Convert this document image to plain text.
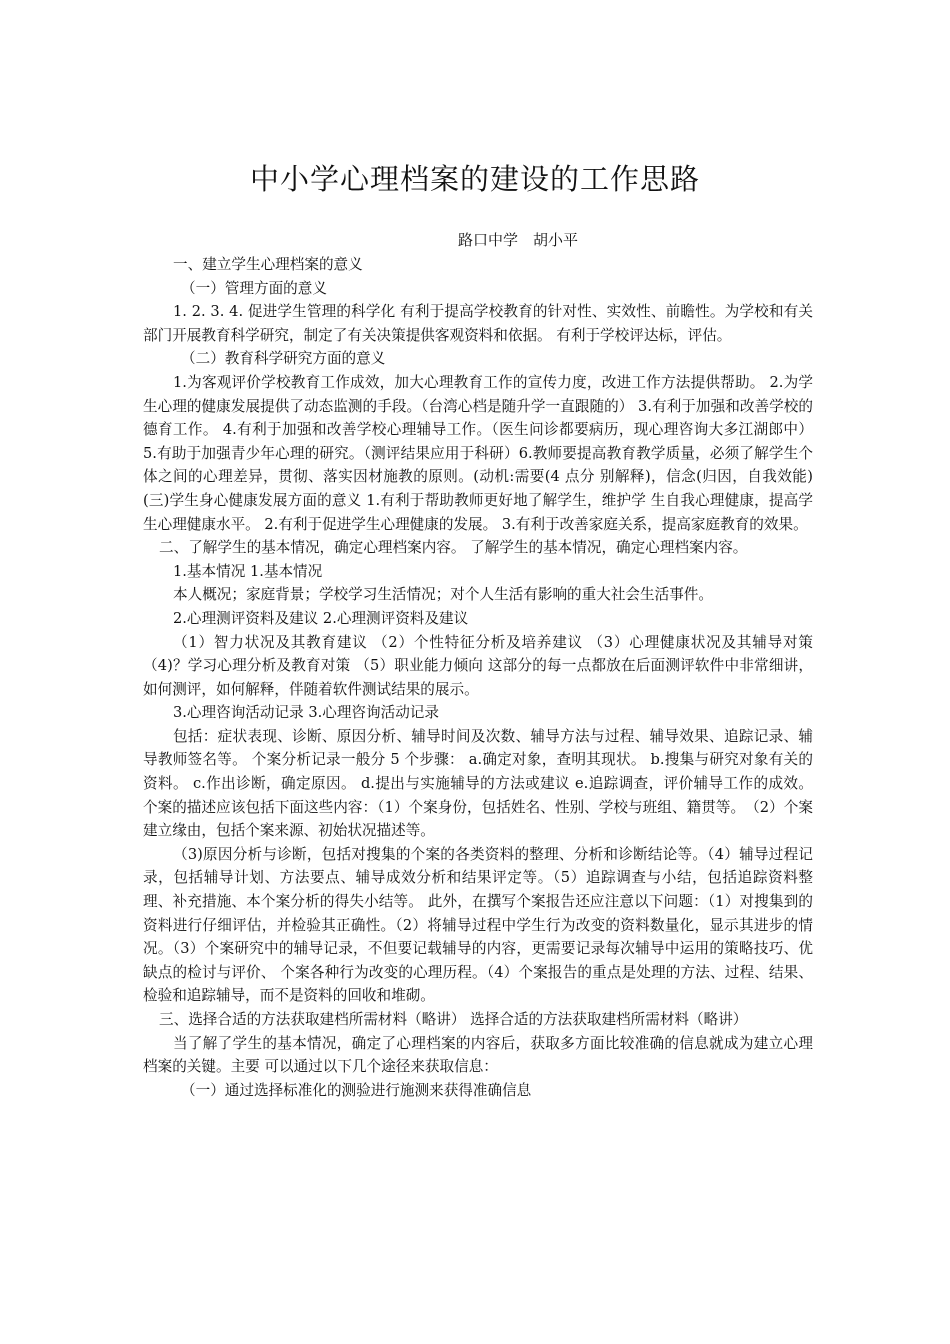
中小学心理档案的建设的工作思路
路口中学　胡小平

一、建立学生心理档案的意义

（一）管理方面的意义

1. 2. 3. 4. 促进学生管理的科学化 有利于提高学校教育的针对性、实效性、前瞻性。为学校和有关部门开展教育科学研究，制定了有关决策提供客观资料和依据。 有利于学校评达标，评估。

（二）教育科学研究方面的意义

1.为客观评价学校教育工作成效，加大心理教育工作的宣传力度，改进工作方法提供帮助。 2.为学生心理的健康发展提供了动态监测的手段。（台湾心档是随升学一直跟随的） 3.有利于加强和改善学校的德育工作。 4.有利于加强和改善学校心理辅导工作。（医生问诊都要病历，现心理咨询大多江湖郎中） 5.有助于加强青少年心理的研究。（测评结果应用于科研）6.教师要提高教育教学质量，必须了解学生个体之间的心理差异，贯彻、落实因材施教的原则。(动机:需要(4 点分 别解释)，信念(归因，自我效能)(三)学生身心健康发展方面的意义 1.有利于帮助教师更好地了解学生，维护学 生自我心理健康，提高学生心理健康水平。 2.有利于促进学生心理健康的发展。 3.有利于改善家庭关系，提高家庭教育的效果。

二、了解学生的基本情况，确定心理档案内容。 了解学生的基本情况，确定心理档案内容。

1.基本情况 1.基本情况

本人概况；家庭背景；学校学习生活情况；对个人生活有影响的重大社会生活事件。

2.心理测评资料及建议 2.心理测评资料及建议

（1）智力状况及其教育建议 （2）个性特征分析及培养建议 （3）心理健康状况及其辅导对策 （4)？学习心理分析及教育对策 （5）职业能力倾向 这部分的每一点都放在后面测评软件中非常细讲，如何测评，如何解释，伴随着软件测试结果的展示。

3.心理咨询活动记录 3.心理咨询活动记录

包括：症状表现、诊断、原因分析、辅导时间及次数、辅导方法与过程、辅导效果、追踪记录、辅导教师签名等。 个案分析记录一般分 5 个步骤： a.确定对象，查明其现状。 b.搜集与研究对象有关的资料。 c.作出诊断，确定原因。 d.提出与实施辅导的方法或建议 e.追踪调查，评价辅导工作的成效。 个案的描述应该包括下面这些内容：（1）个案身份，包括姓名、性别、学校与班组、籍贯等。　（2）个案建立缘由，包括个案来源、初始状况描述等。

（3)原因分析与诊断，包括对搜集的个案的各类资料的整理、分析和诊断结论等。（4）辅导过程记录，包括辅导计划、方法要点、辅导成效分析和结果评定等。（5）追踪调查与小结，包括追踪资料整理、补充措施、本个案分析的得失小结等。 此外，在撰写个案报告还应注意以下问题：（1）对搜集到的资料进行仔细评估，并检验其正确性。（2）将辅导过程中学生行为改变的资料数量化，显示其进步的情况。（3）个案研究中的辅导记录，不但要记载辅导的内容，更需要记录每次辅导中运用的策略技巧、优缺点的检讨与评价、 个案各种行为改变的心理历程。（4）个案报告的重点是处理的方法、过程、结果、检验和追踪辅导，而不是资料的回收和堆砌。

三、选择合适的方法获取建档所需材料（略讲） 选择合适的方法获取建档所需材料（略讲）

当了解了学生的基本情况，确定了心理档案的内容后，获取多方面比较准确的信息就成为建立心理档案的关键。主要 可以通过以下几个途径来获取信息：

（一）通过选择标准化的测验进行施测来获得准确信息
